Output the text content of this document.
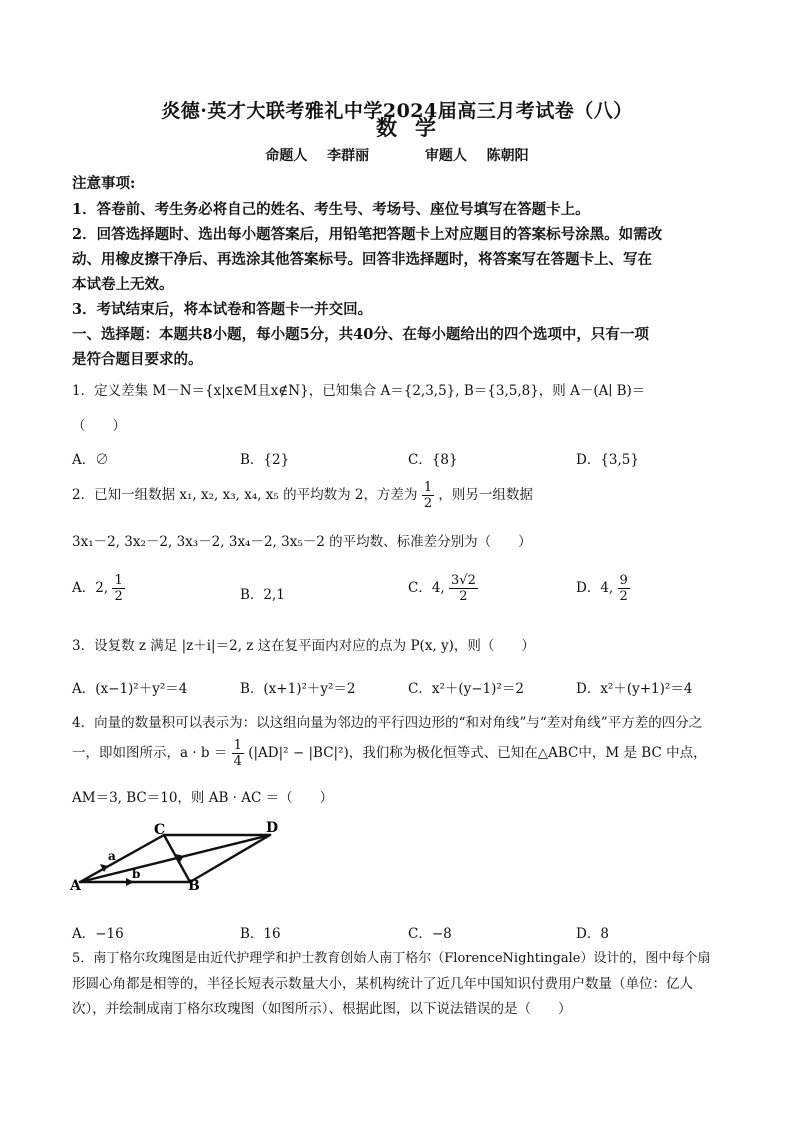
炎德·英才大联考雅礼中学2024届高三月考试卷（八）
数学
命题人 李群丽	审题人 陈朝阳
注意事项:
1．答卷前、考生务必将自己的姓名、考生号、考场号、座位号填写在答题卡上。
2．回答选择题时、选出每小题答案后，用铅笔把答题卡上对应题目的答案标号涂黑。如需改
动、用橡皮擦干净后、再选涂其他答案标号。回答非选择题时，将答案写在答题卡上、写在
本试卷上无效。
3．考试结束后，将本试卷和答题卡一并交回。
一、选择题：本题共8小题，每小题5分，共40分、在每小题给出的四个选项中，只有一项
是符合题目要求的。
1．定义差集 M－N＝{x|x∈M且x∉N}，已知集合 A＝{2,3,5}, B＝{3,5,8}，则 A－(A∣ B)＝
（　　）
A．∅	B．{2}	C．{8}	D．{3,5}
2．已知一组数据 x₁, x₂, x₃, x₄, x₅ 的平均数为 2，方差为 $\frac{1}{2}$ ，则另一组数据
3x₁－2, 3x₂－2, 3x₃－2, 3x₄－2, 3x₅－2 的平均数、标准差分别为（　　）
A．2, $\frac{1}{2}$	B．2,1	C．4, $\frac{3√2}{2}$	D．4, $\frac{9}{2}$
3．设复数 z 满足 |z＋i|＝2, z 这在复平面内对应的点为 P(x, y)，则（　　）
A．(x−1)²＋y²＝4	B．(x+1)²＋y²＝2	C．x²＋(y−1)²＝2	D．x²＋(y+1)²＝4
4．向量的数量积可以表示为：以这组向量为邻边的平行四边形的“和对角线”与“差对角线”平方差的四分之
一，即如图所示，$a \cdot b = \frac{1}{4} (|AD|^2 - |BC|^2)$，我们称为极化恒等式、已知在△ABC中，M 是 BC 中点，
AM＝3, BC＝10，则 AB · AC ＝（　　）
C	D
A	B
a
b
A．−16	B．16	C．−8	D．8
5．南丁格尔玫瑰图是由近代护理学和护士教育创始人南丁格尔（FlorenceNightingale）设计的，图中每个扇
形圆心角都是相等的，半径长短表示数量大小，某机构统计了近几年中国知识付费用户数量（单位：亿人
次），并绘制成南丁格尔玫瑰图（如图所示）、根据此图，以下说法错误的是（　　）
